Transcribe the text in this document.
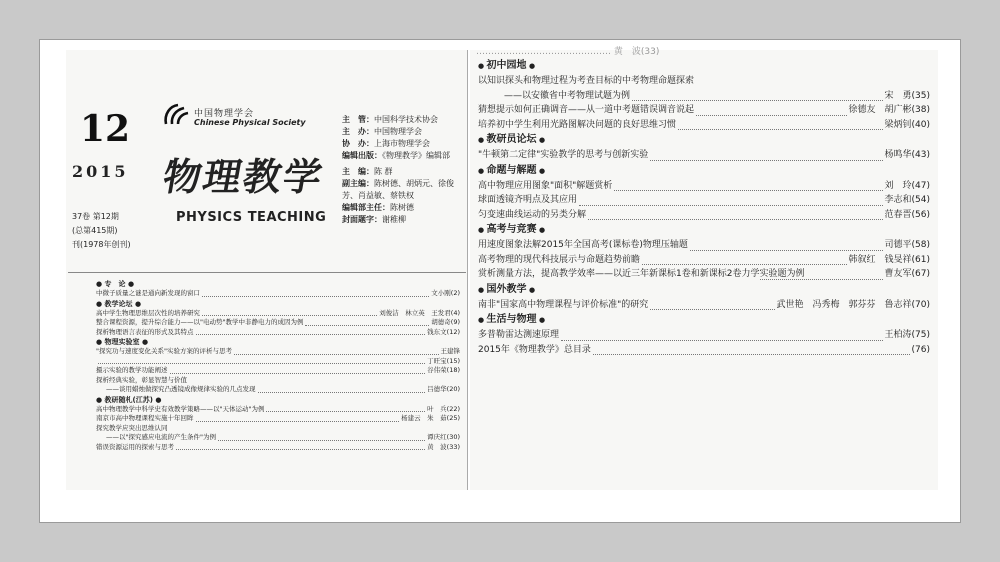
12
2015
37卷 第12期
(总第415期)
刊(1978年创刊)
中国物理学会
Chinese Physical Society
物理教学
PHYSICS TEACHING
主　管：中国科学技术协会
主　办：中国物理学会
协　办：上海市物理学会
编辑出版：《物理教学》编辑部
主　编：陈 群
副主编：陈树德、胡炳元、徐俊芳、肖益敏、蔡铁权
编辑部主任：陈树德
封面题字：谢稚柳
● 专　论 ●
中微子质量之谜是通向新发现的窗口	文小刚(2)
● 教学论坛 ●
高中学生物理思维层次性的培养研究	刘俊洁　林立英　王发君(4)
整合课程资源，提升综合能力——以"电动势"教学中非静电力的成因为例	胡德奇(9)
探析物理语言表征的形式及其特点	钱东文(12)
● 物理实验室 ●
"探究功与速度变化关系"实验方案的评析与思考	王建锋
丁旺宝(15)
摄示实验的教学功能阐述	谷伟荣(18)
探析经典实验，彰显智慧与价值
——谈用蜡烛做探究凸透镜成像规律实验的几点发现	吕德华(20)
● 教研随札(江苏) ●
高中物理教学中科学史有效教学策略——以"天体运动"为例	叶　兵(22)
南京市高中物理课程实施十年回眸	杨建云　朱　茹(25)
探究教学应突出思维认同
——以"探究感应电流的产生条件"为例	谭庆红(30)
错误资源运用的探索与思考	黄　波(33)
……………………………………… 黄　波(33)
● 初中园地 ●
以知识探头和物理过程为考查目标的中考物理命题探索
——以安徽省中考物理试题为例	宋　勇(35)
猜想提示如何正确调音——从一道中考题错误调音说起	徐德友　胡广彬(38)
培养初中学生利用光路图解决问题的良好思维习惯	梁炳钊(40)
● 教研员论坛 ●
"牛顿第二定律"实验教学的思考与创新实验	杨鸣华(43)
● 命题与解题 ●
高中物理应用图象"面积"解题赏析	刘　玲(47)
球面透镜齐明点及其应用	李志和(54)
匀变速曲线运动的另类分解	范春晋(56)
● 高考与竞赛 ●
用速度图象法解2015年全国高考(课标卷)物理压轴题	司德平(58)
高考物理的现代科技展示与命题趋势前瞻	韩叙红　钱旻祥(61)
赏析测量方法，提高教学效率——以近三年新课标1卷和新课标2卷力学实验题为例	曹友军(67)
● 国外教学 ●
南非"国家高中物理课程与评价标准"的研究	武世艳　冯秀梅　郭芬芬　鲁志祥(70)
● 生活与物理 ●
多普勒雷达测速原理	王柏涛(75)
2015年《物理教学》总目录	(76)
